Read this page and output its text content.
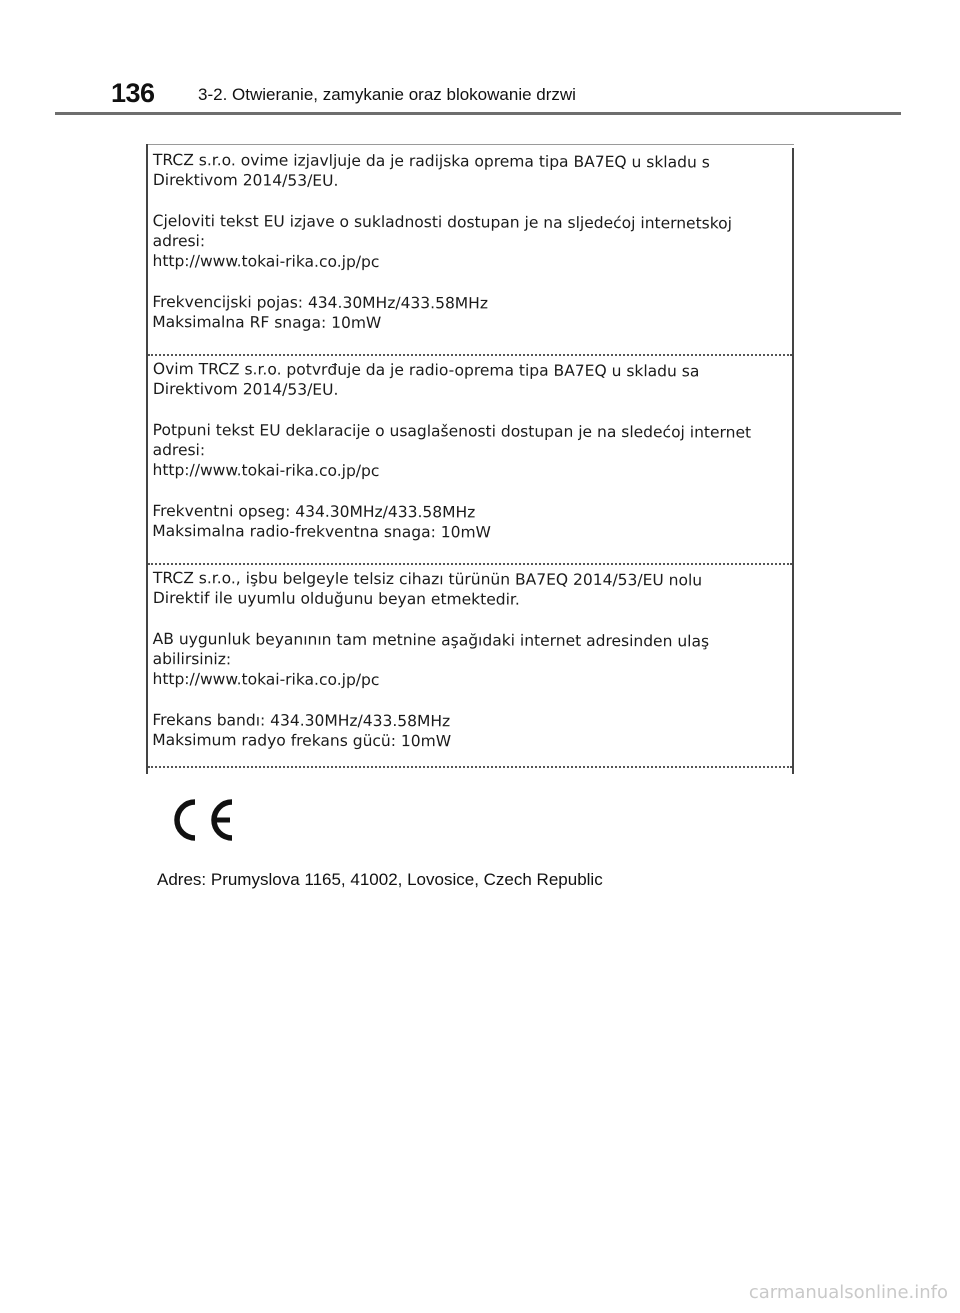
136	3-2. Otwieranie, zamykanie oraz blokowanie drzwi
TRCZ s.r.o. ovime izjavljuje da je radijska oprema tipa BA7EQ u skladu s
Direktivom 2014/53/EU.
Cjeloviti tekst EU izjave o sukladnosti dostupan je na sljedećoj internetskoj
adresi:
http://www.tokai-rika.co.jp/pc
Frekvencijski pojas: 434.30MHz/433.58MHz
Maksimalna RF snaga: 10mW
Ovim TRCZ s.r.o. potvrđuje da je radio-oprema tipa BA7EQ u skladu sa
Direktivom 2014/53/EU.
Potpuni tekst EU deklaracije o usaglašenosti dostupan je na sledećoj internet
adresi:
http://www.tokai-rika.co.jp/pc
Frekventni opseg: 434.30MHz/433.58MHz
Maksimalna radio-frekventna snaga: 10mW
TRCZ s.r.o., işbu belgeyle telsiz cihazı türünün BA7EQ 2014/53/EU nolu
Direktif ile uyumlu olduğunu beyan etmektedir.
AB uygunluk beyanının tam metnine aşağıdaki internet adresinden ulaş
abilirsiniz:
http://www.tokai-rika.co.jp/pc
Frekans bandı: 434.30MHz/433.58MHz
Maksimum radyo frekans gücü: 10mW
Adres: Prumyslova 1165, 41002, Lovosice, Czech Republic
carmanualsonline.info
